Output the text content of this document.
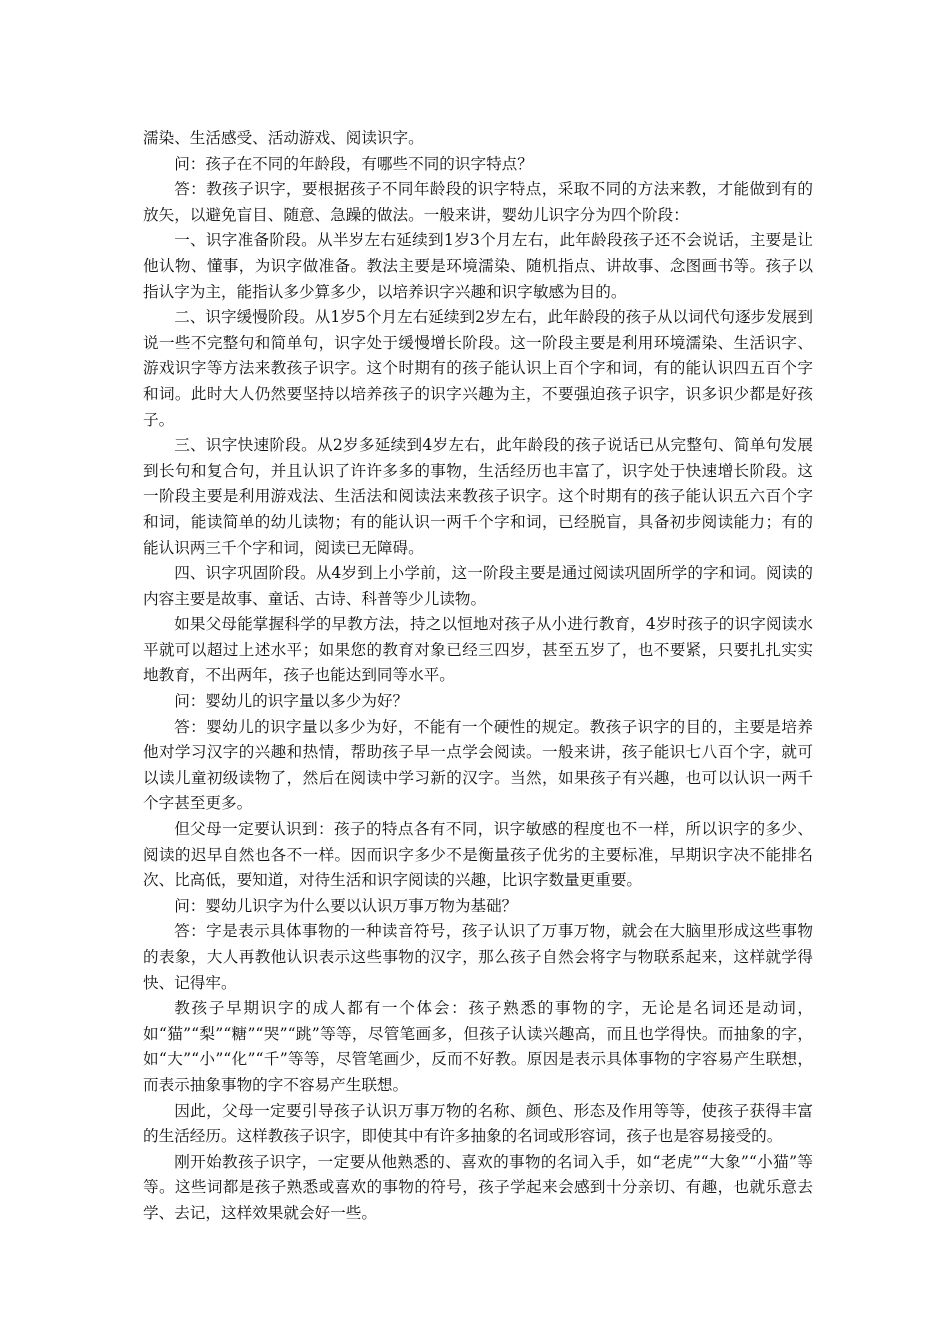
濡染、生活感受、活动游戏、阅读识字。

问：孩子在不同的年龄段，有哪些不同的识字特点？

答：教孩子识字，要根据孩子不同年龄段的识字特点，采取不同的方法来教，才能做到有的放矢，以避免盲目、随意、急躁的做法。一般来讲，婴幼儿识字分为四个阶段：

一、识字准备阶段。从半岁左右延续到1岁3个月左右，此年龄段孩子还不会说话，主要是让他认物、懂事，为识字做准备。教法主要是环境濡染、随机指点、讲故事、念图画书等。孩子以指认字为主，能指认多少算多少，以培养识字兴趣和识字敏感为目的。

二、识字缓慢阶段。从1岁5个月左右延续到2岁左右，此年龄段的孩子从以词代句逐步发展到说一些不完整句和简单句，识字处于缓慢增长阶段。这一阶段主要是利用环境濡染、生活识字、游戏识字等方法来教孩子识字。这个时期有的孩子能认识上百个字和词，有的能认识四五百个字和词。此时大人仍然要坚持以培养孩子的识字兴趣为主，不要强迫孩子识字，识多识少都是好孩子。

三、识字快速阶段。从2岁多延续到4岁左右，此年龄段的孩子说话已从完整句、简单句发展到长句和复合句，并且认识了许许多多的事物，生活经历也丰富了，识字处于快速增长阶段。这一阶段主要是利用游戏法、生活法和阅读法来教孩子识字。这个时期有的孩子能认识五六百个字和词，能读简单的幼儿读物；有的能认识一两千个字和词，已经脱盲，具备初步阅读能力；有的能认识两三千个字和词，阅读已无障碍。

四、识字巩固阶段。从4岁到上小学前，这一阶段主要是通过阅读巩固所学的字和词。阅读的内容主要是故事、童话、古诗、科普等少儿读物。

如果父母能掌握科学的早教方法，持之以恒地对孩子从小进行教育，4岁时孩子的识字阅读水平就可以超过上述水平；如果您的教育对象已经三四岁，甚至五岁了，也不要紧，只要扎扎实实地教育，不出两年，孩子也能达到同等水平。

问：婴幼儿的识字量以多少为好？

答：婴幼儿的识字量以多少为好，不能有一个硬性的规定。教孩子识字的目的，主要是培养他对学习汉字的兴趣和热情，帮助孩子早一点学会阅读。一般来讲，孩子能识七八百个字，就可以读儿童初级读物了，然后在阅读中学习新的汉字。当然，如果孩子有兴趣，也可以认识一两千个字甚至更多。

但父母一定要认识到：孩子的特点各有不同，识字敏感的程度也不一样，所以识字的多少、阅读的迟早自然也各不一样。因而识字多少不是衡量孩子优劣的主要标准，早期识字决不能排名次、比高低，要知道，对待生活和识字阅读的兴趣，比识字数量更重要。

问：婴幼儿识字为什么要以认识万事万物为基础？

答：字是表示具体事物的一种读音符号，孩子认识了万事万物，就会在大脑里形成这些事物的表象，大人再教他认识表示这些事物的汉字，那么孩子自然会将字与物联系起来，这样就学得快、记得牢。

教孩子早期识字的成人都有一个体会：孩子熟悉的事物的字，无论是名词还是动词，如“猫”“梨”“糖”“哭”“跳”等等，尽管笔画多，但孩子认读兴趣高，而且也学得快。而抽象的字，如“大”“小”“化”“千”等等，尽管笔画少，反而不好教。原因是表示具体事物的字容易产生联想，而表示抽象事物的字不容易产生联想。

因此，父母一定要引导孩子认识万事万物的名称、颜色、形态及作用等等，使孩子获得丰富的生活经历。这样教孩子识字，即使其中有许多抽象的名词或形容词，孩子也是容易接受的。

刚开始教孩子识字，一定要从他熟悉的、喜欢的事物的名词入手，如“老虎”“大象”“小猫”等等。这些词都是孩子熟悉或喜欢的事物的符号，孩子学起来会感到十分亲切、有趣，也就乐意去学、去记，这样效果就会好一些。
